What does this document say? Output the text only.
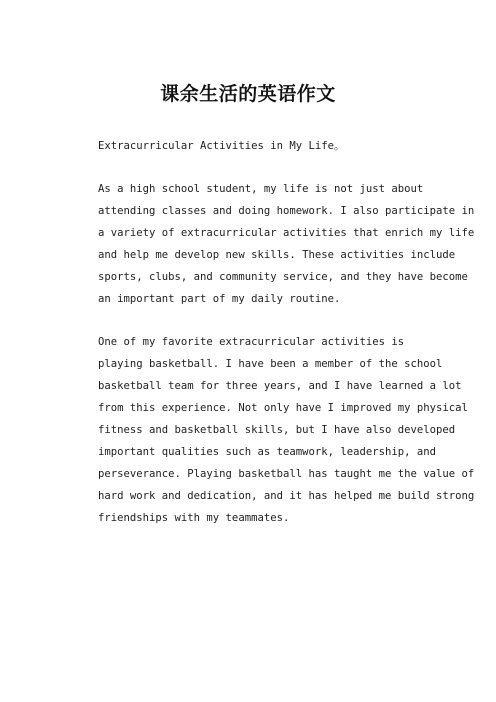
课余生活的英语作文

Extracurricular Activities in My Life。

As a high school student, my life is not just about
attending classes and doing homework. I also participate in
a variety of extracurricular activities that enrich my life
and help me develop new skills. These activities include
sports, clubs, and community service, and they have become
an important part of my daily routine.

One of my favorite extracurricular activities is
playing basketball. I have been a member of the school
basketball team for three years, and I have learned a lot
from this experience. Not only have I improved my physical
fitness and basketball skills, but I have also developed
important qualities such as teamwork, leadership, and
perseverance. Playing basketball has taught me the value of
hard work and dedication, and it has helped me build strong
friendships with my teammates.
